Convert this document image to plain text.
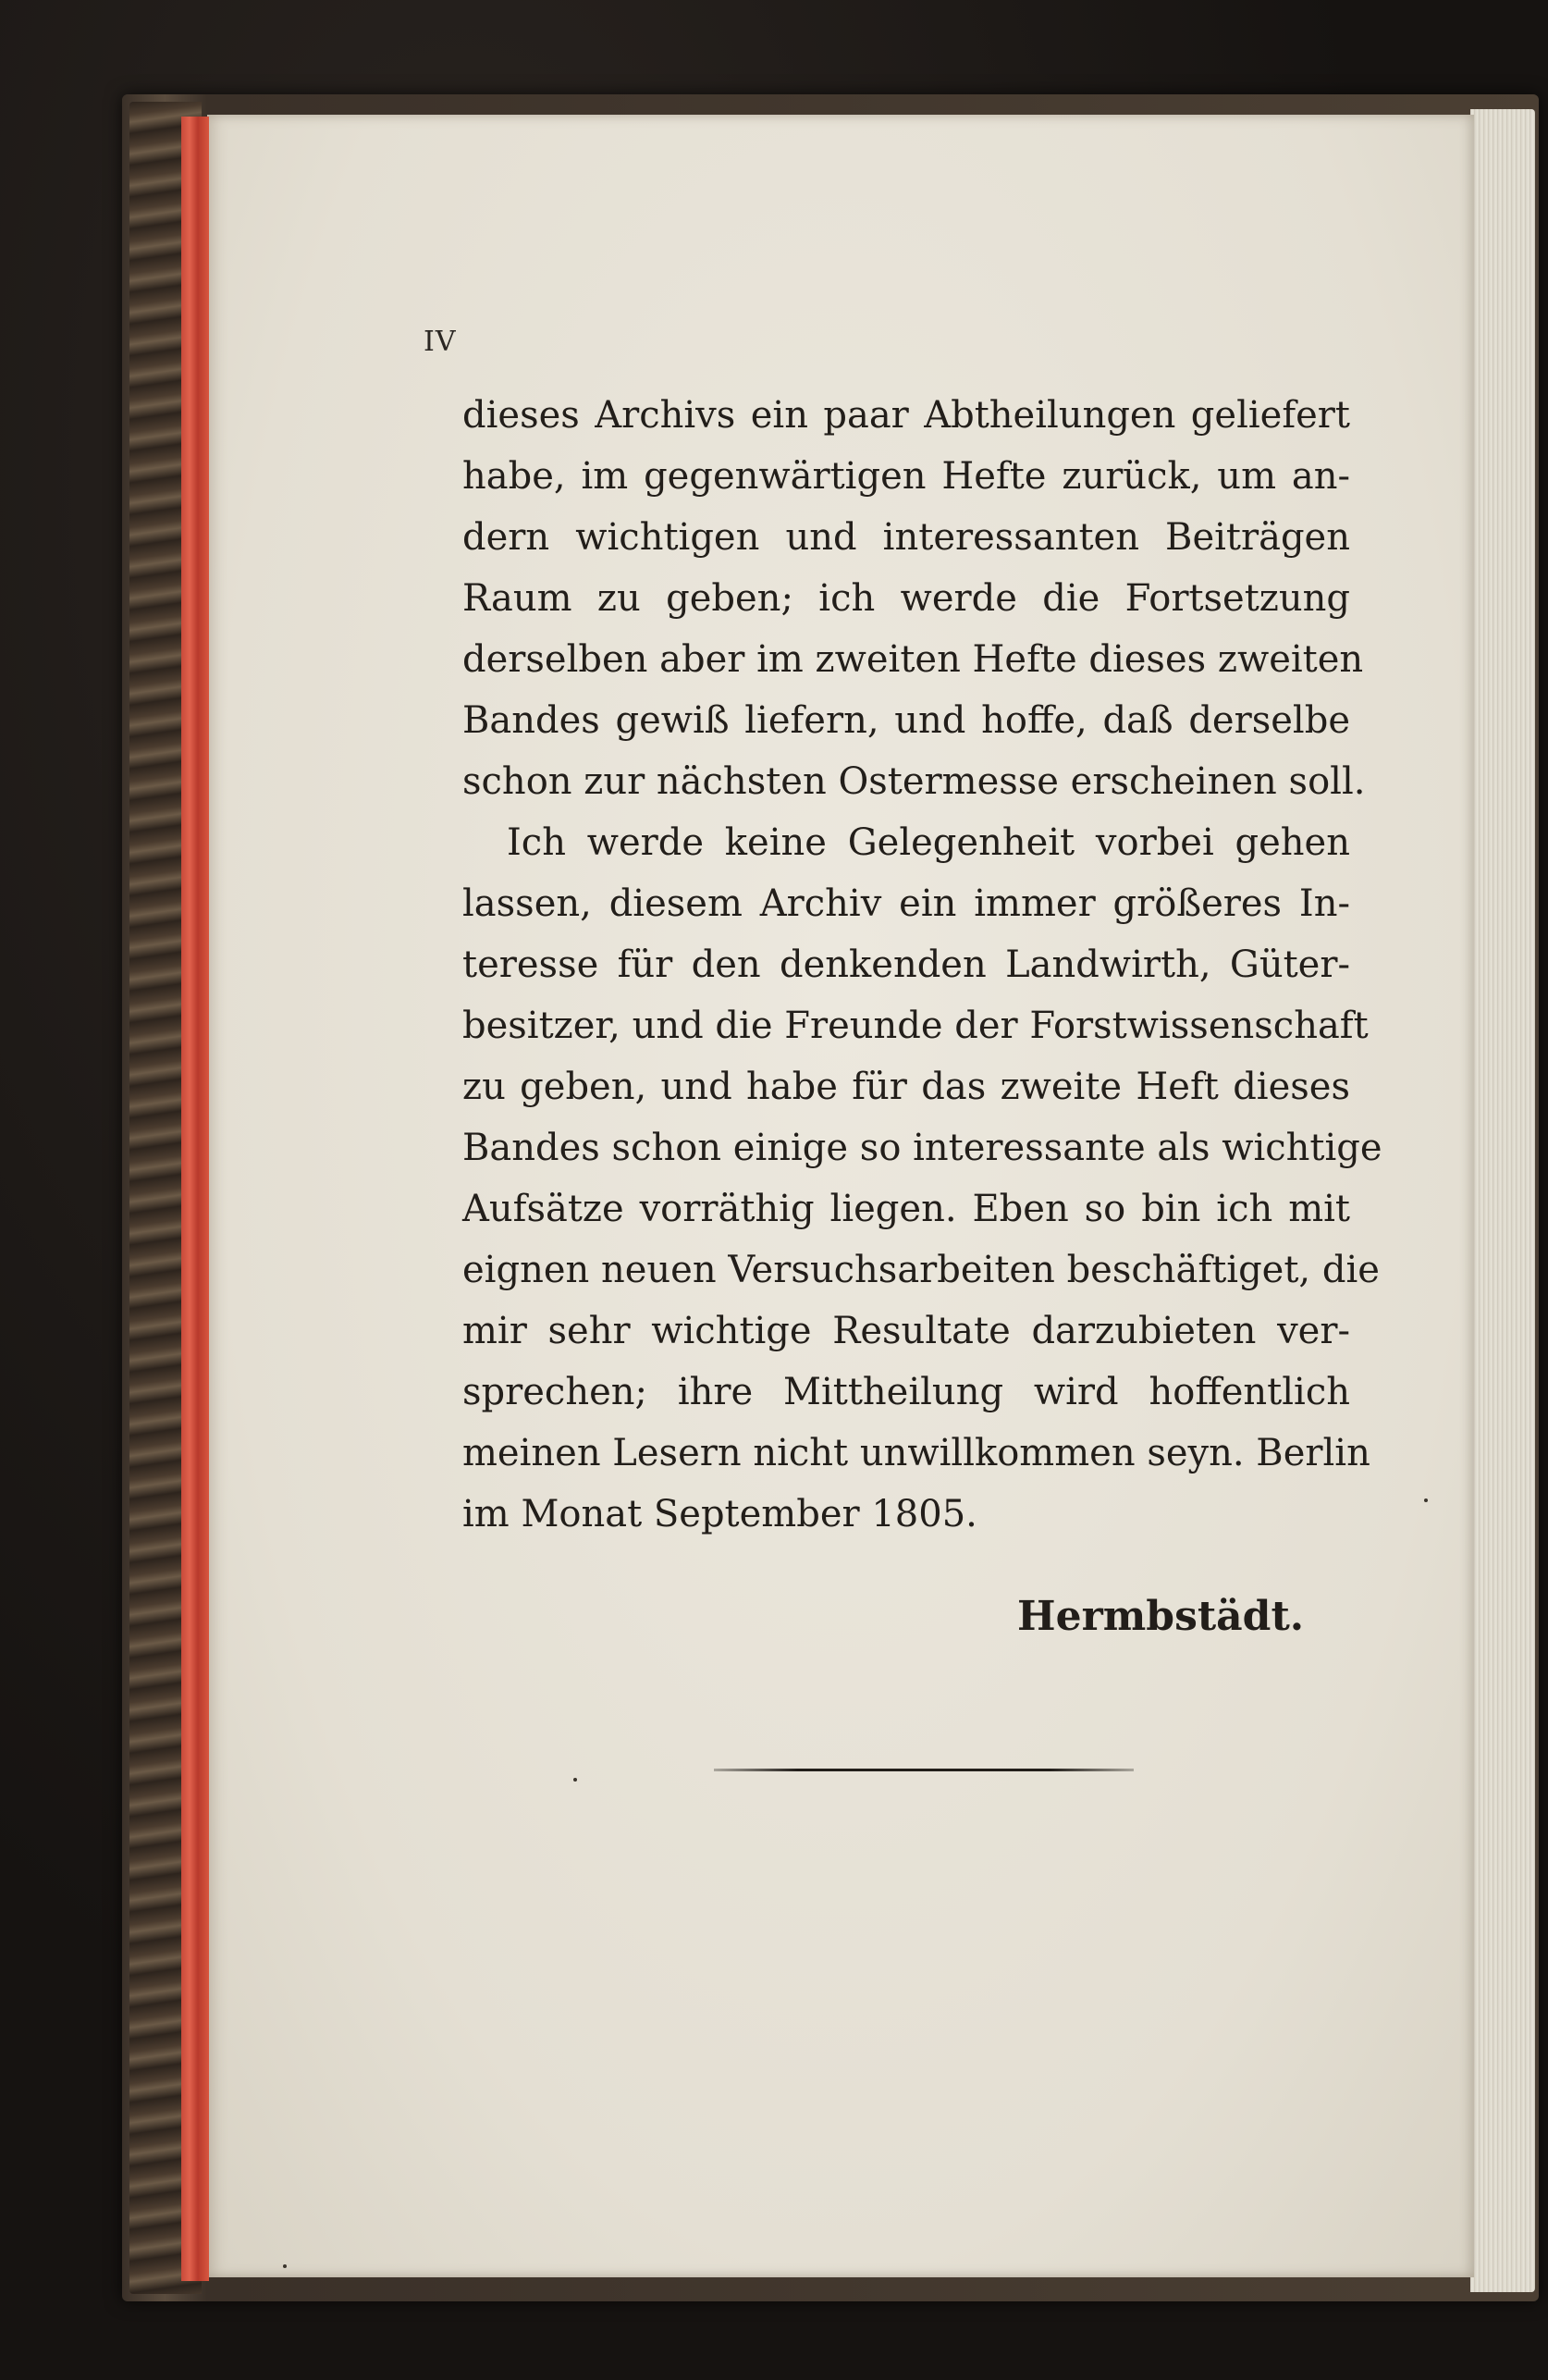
IV
dieses Archivs ein paar Abtheilungen geliefert
habe, im gegenwärtigen Hefte zurück, um an-
dern wichtigen und interessanten Beiträgen
Raum zu geben; ich werde die Fortsetzung
derselben aber im zweiten Hefte dieses zweiten
Bandes gewiß liefern, und hoffe, daß derselbe
schon zur nächsten Ostermesse erscheinen soll.
Ich werde keine Gelegenheit vorbei gehen
lassen, diesem Archiv ein immer größeres In-
teresse für den denkenden Landwirth, Güter-
besitzer, und die Freunde der Forstwissenschaft
zu geben, und habe für das zweite Heft dieses
Bandes schon einige so interessante als wichtige
Aufsätze vorräthig liegen. Eben so bin ich mit
eignen neuen Versuchsarbeiten beschäftiget, die
mir sehr wichtige Resultate darzubieten ver-
sprechen; ihre Mittheilung wird hoffentlich
meinen Lesern nicht unwillkommen seyn. Berlin
im Monat September 1805.
Hermbstädt.
